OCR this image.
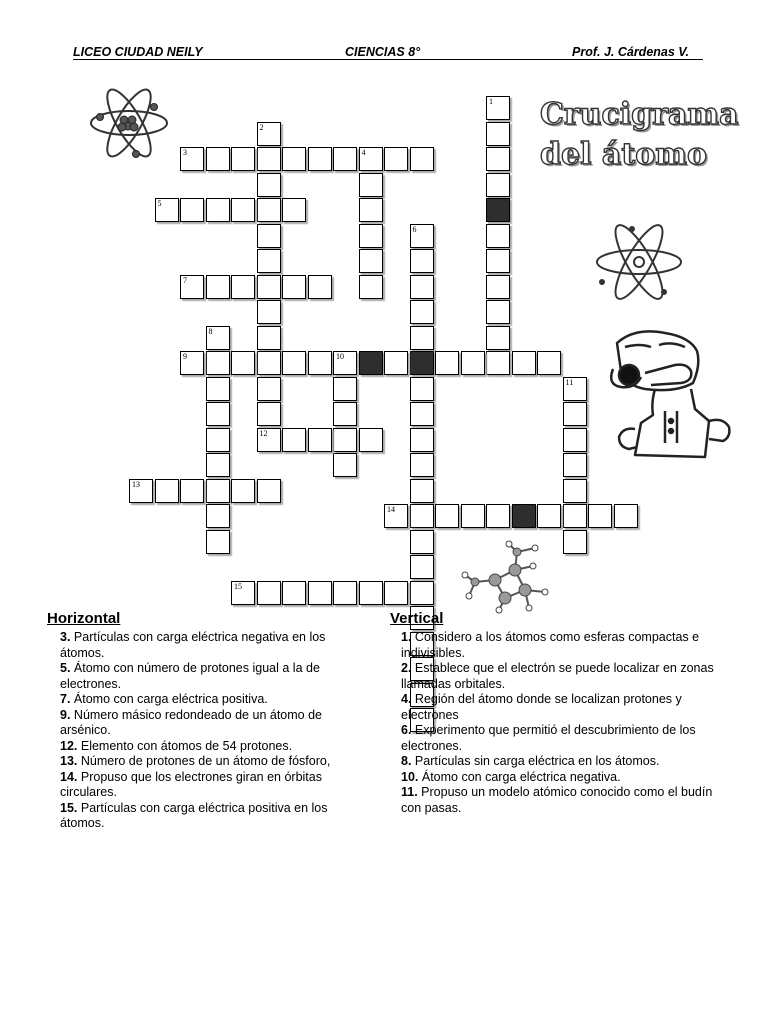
LICEO CIUDAD NEILY	CIENCIAS 8°	Prof. J. Cárdenas V.
Crucigrama
del átomo
1
2
3	4
5
6
7
8
9	10
11
12
13
14
15
Horizontal
3. Partículas con carga eléctrica negativa en los átomos.
5. Átomo con número de protones igual a la de electrones.
7. Átomo con carga eléctrica positiva.
9. Número másico redondeado de un átomo de arsénico.
12. Elemento con átomos de 54 protones.
13. Número de protones de un átomo de fósforo,
14. Propuso que los electrones giran en órbitas circulares.
15. Partículas con carga eléctrica positiva en los átomos.
Vertical
1. Considero a los átomos como esferas compactas e indivisibles.
2. Establece que el electrón se puede localizar en zonas llamadas orbitales.
4. Región del átomo donde se localizan protones y electrones
6. Experimento que permitió el descubrimiento de los electrones.
8. Partículas sin carga eléctrica en los átomos.
10. Átomo con carga eléctrica negativa.
11. Propuso un modelo atómico conocido como el budín con pasas.
